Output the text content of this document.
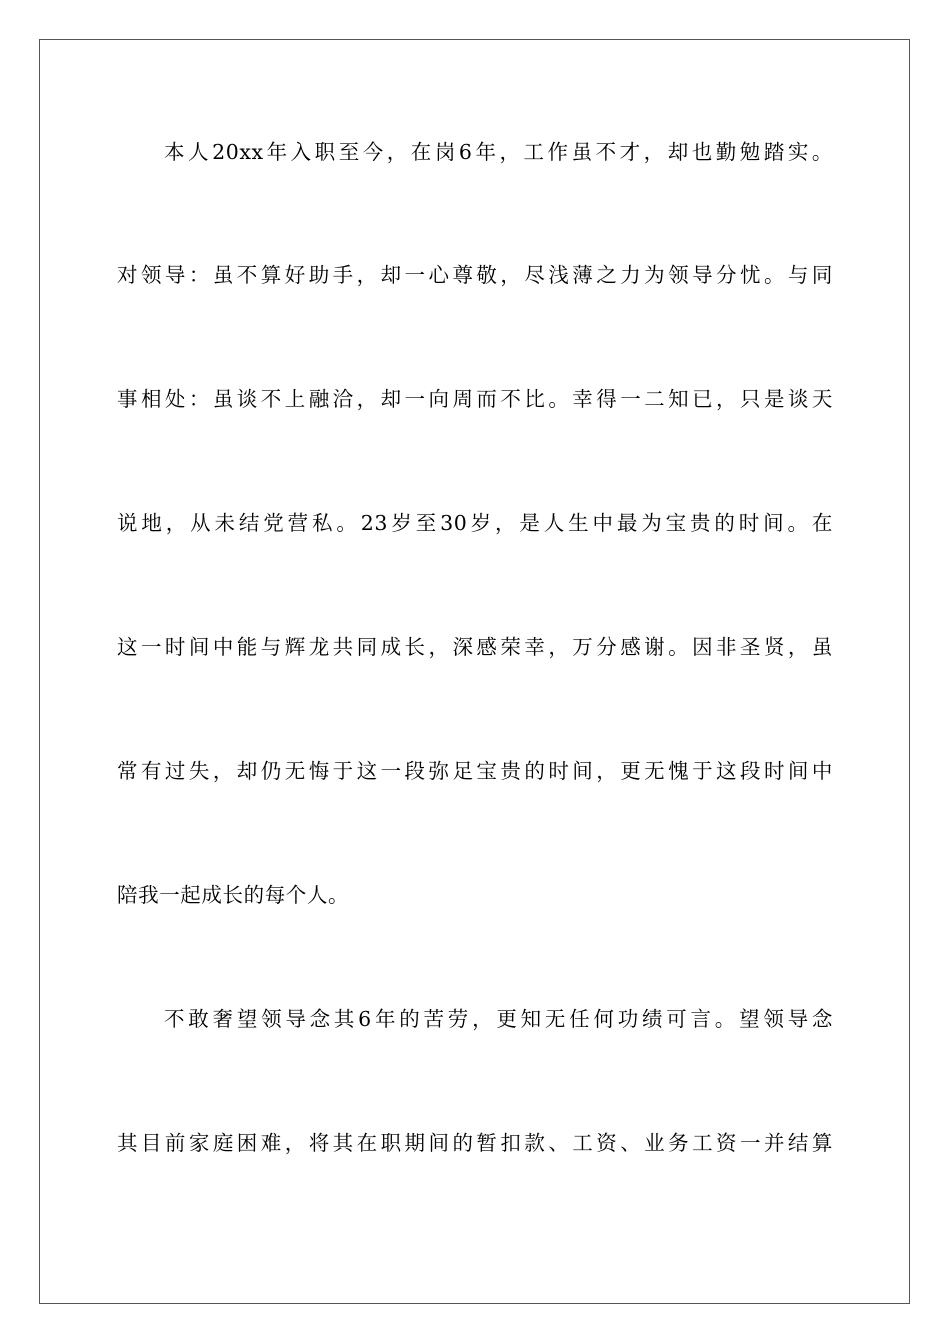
本人20xx年入职至今，在岗6年，工作虽不才，却也勤勉踏实。
对领导：虽不算好助手，却一心尊敬，尽浅薄之力为领导分忧。与同
事相处：虽谈不上融洽，却一向周而不比。幸得一二知已，只是谈天
说地，从未结党营私。23岁至30岁，是人生中最为宝贵的时间。在
这一时间中能与辉龙共同成长，深感荣幸，万分感谢。因非圣贤，虽
常有过失，却仍无悔于这一段弥足宝贵的时间，更无愧于这段时间中
陪我一起成长的每个人。
不敢奢望领导念其6年的苦劳，更知无任何功绩可言。望领导念
其目前家庭困难，将其在职期间的暂扣款、工资、业务工资一并结算
